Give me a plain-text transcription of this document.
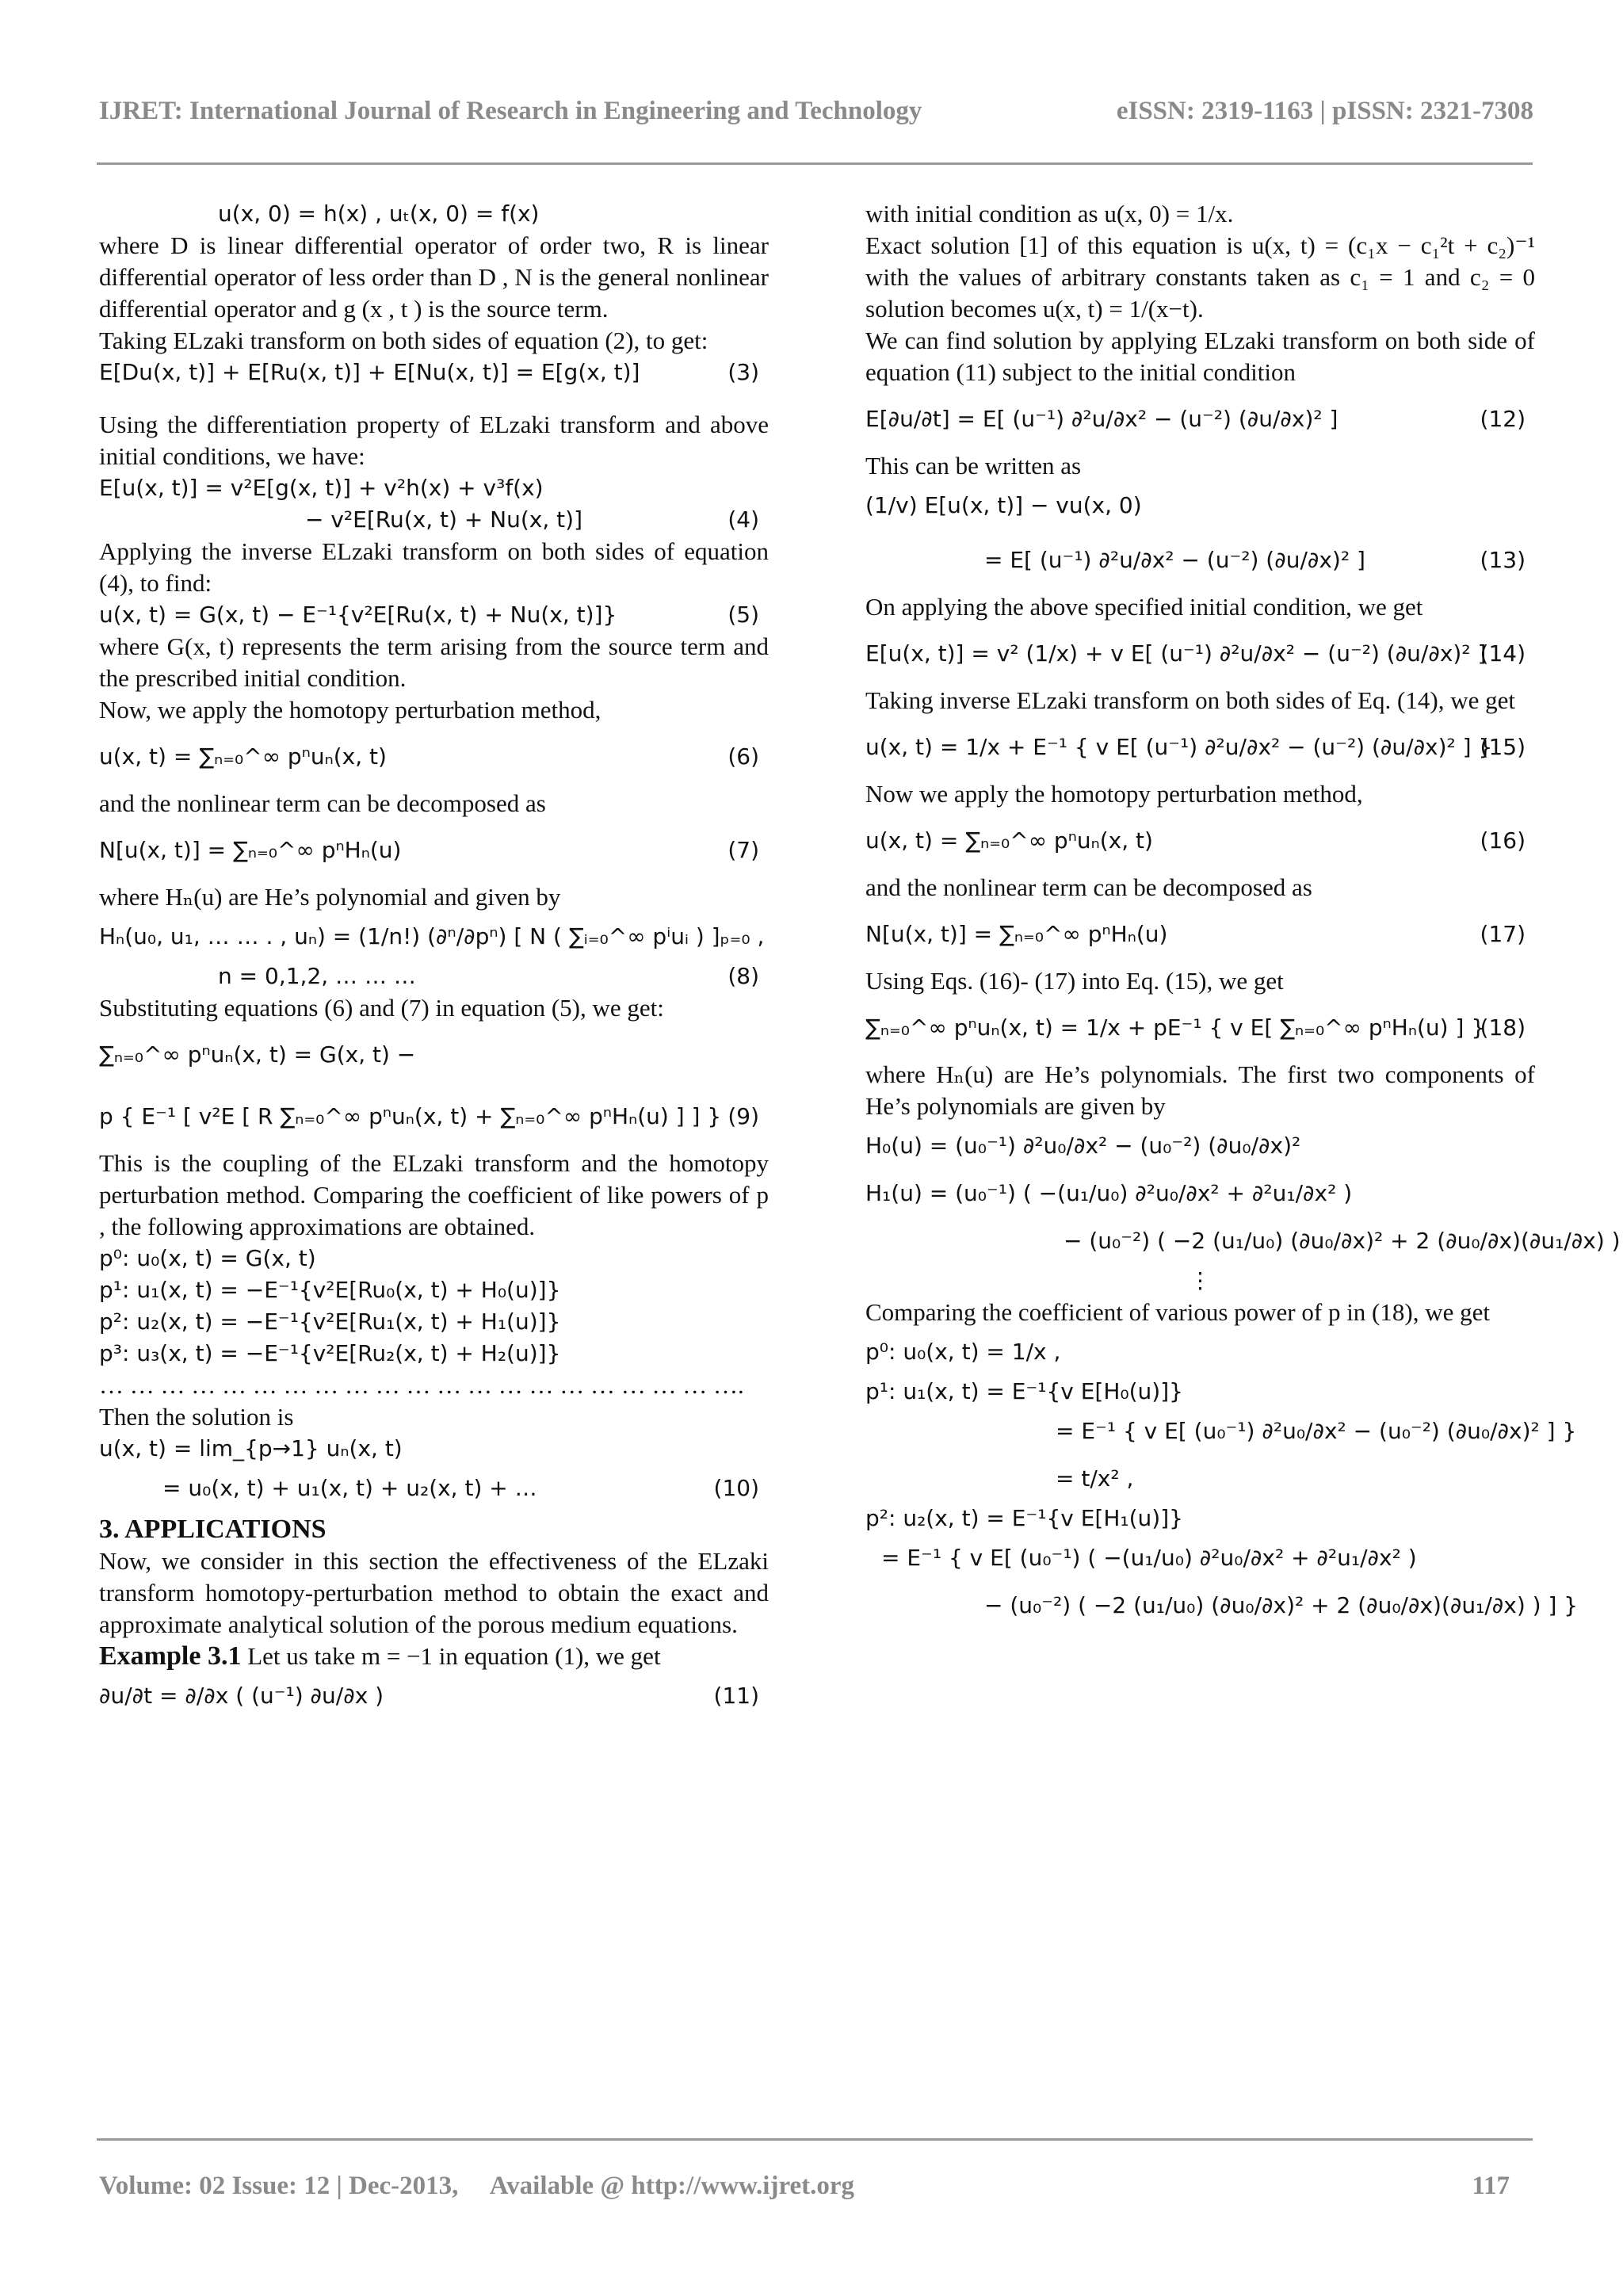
IJRET: International Journal of Research in Engineering and Technology	eISSN: 2319-1163 | pISSN: 2321-7308
u(x, 0) = h(x) , uₜ(x, 0) = f(x)

where D is linear differential operator of order two, R is linear differential operator of less order than D , N is the general nonlinear differential operator and g (x , t ) is the source term.

Taking ELzaki transform on both sides of equation (2), to get:

E[Du(x, t)] + E[Ru(x, t)] + E[Nu(x, t)] = E[g(x, t)]	(3)

Using the differentiation property of ELzaki transform and above initial conditions, we have:

E[u(x, t)] = v²E[g(x, t)] + v²h(x) + v³f(x)
− v²E[Ru(x, t) + Nu(x, t)]	(4)

Applying the inverse ELzaki transform on both sides of equation (4), to find:

u(x, t) = G(x, t) − E⁻¹{v²E[Ru(x, t) + Nu(x, t)]}	(5)

where G(x, t) represents the term arising from the source term and the prescribed initial condition.

Now, we apply the homotopy perturbation method,

u(x, t) = ∑ₙ₌₀^∞ pⁿuₙ(x, t)	(6)

and the nonlinear term can be decomposed as

N[u(x, t)] = ∑ₙ₌₀^∞ pⁿHₙ(u)	(7)

where Hₙ(u) are He’s polynomial and given by

Hₙ(u₀, u₁, … … . , uₙ) = (1/n!) (∂ⁿ/∂pⁿ) [ N ( ∑ᵢ₌₀^∞ pⁱuᵢ ) ]ₚ₌₀ ,
n = 0,1,2, … … …	(8)

Substituting equations (6) and (7) in equation (5), we get:

∑ₙ₌₀^∞ pⁿuₙ(x, t) = G(x, t) −
p { E⁻¹ [ v²E [ R ∑ₙ₌₀^∞ pⁿuₙ(x, t) + ∑ₙ₌₀^∞ pⁿHₙ(u) ] ] } (9)

This is the coupling of the ELzaki transform and the homotopy perturbation method. Comparing the coefficient of like powers of p , the following approximations are obtained.

p⁰: u₀(x, t) = G(x, t)
p¹: u₁(x, t) = −E⁻¹{v²E[Ru₀(x, t) + H₀(u)]}
p²: u₂(x, t) = −E⁻¹{v²E[Ru₁(x, t) + H₁(u)]}
p³: u₃(x, t) = −E⁻¹{v²E[Ru₂(x, t) + H₂(u)]}
… … … … … … … … … … … … … … … … … … … … ….

Then the solution is

u(x, t) = lim_{p→1} uₙ(x, t)
= u₀(x, t) + u₁(x, t) + u₂(x, t) + …	(10)
3. APPLICATIONS

Now, we consider in this section the effectiveness of the ELzaki transform homotopy-perturbation method to obtain the exact and approximate analytical solution of the porous medium equations.

Example 3.1 Let us take m = −1 in equation (1), we get

∂u/∂t = ∂/∂x ( (u⁻¹) ∂u/∂x )	(11)

with initial condition as u(x, 0) = 1/x.

Exact solution [1] of this equation is u(x, t) = (c₁x − c₁²t + c₂)⁻¹ with the values of arbitrary constants taken as c₁ = 1 and c₂ = 0 solution becomes u(x, t) = 1/(x−t).

We can find solution by applying ELzaki transform on both side of equation (11) subject to the initial condition

E[∂u/∂t] = E[ (u⁻¹) ∂²u/∂x² − (u⁻²) (∂u/∂x)² ]	(12)

This can be written as

(1/v) E[u(x, t)] − vu(x, 0)
= E[ (u⁻¹) ∂²u/∂x² − (u⁻²) (∂u/∂x)² ]	(13)

On applying the above specified initial condition, we get

E[u(x, t)] = v² (1/x) + v E[ (u⁻¹) ∂²u/∂x² − (u⁻²) (∂u/∂x)² ]
(14)

Taking inverse ELzaki transform on both sides of Eq. (14), we get

u(x, t) = 1/x + E⁻¹ { v E[ (u⁻¹) ∂²u/∂x² − (u⁻²) (∂u/∂x)² ] }
(15)

Now we apply the homotopy perturbation method,

u(x, t) = ∑ₙ₌₀^∞ pⁿuₙ(x, t)	(16)

and the nonlinear term can be decomposed as

N[u(x, t)] = ∑ₙ₌₀^∞ pⁿHₙ(u)	(17)

Using Eqs. (16)- (17) into Eq. (15), we get

∑ₙ₌₀^∞ pⁿuₙ(x, t) = 1/x + pE⁻¹ { v E[ ∑ₙ₌₀^∞ pⁿHₙ(u) ] }
(18)

where Hₙ(u) are He’s polynomials. The first two components of He’s polynomials are given by

H₀(u) = (u₀⁻¹) ∂²u₀/∂x² − (u₀⁻²) (∂u₀/∂x)²
H₁(u) = (u₀⁻¹) ( −(u₁/u₀) ∂²u₀/∂x² + ∂²u₁/∂x² )
− (u₀⁻²) ( −2 (u₁/u₀) (∂u₀/∂x)² + 2 (∂u₀/∂x)(∂u₁/∂x) )
⋮

Comparing the coefficient of various power of p in (18), we get

p⁰: u₀(x, t) = 1/x ,
p¹: u₁(x, t) = E⁻¹{v E[H₀(u)]}
= E⁻¹ { v E[ (u₀⁻¹) ∂²u₀/∂x² − (u₀⁻²) (∂u₀/∂x)² ] }
= t/x² ,
p²: u₂(x, t) = E⁻¹{v E[H₁(u)]}
= E⁻¹ { v E[ (u₀⁻¹) ( −(u₁/u₀) ∂²u₀/∂x² + ∂²u₁/∂x² )
− (u₀⁻²) ( −2 (u₁/u₀) (∂u₀/∂x)² + 2 (∂u₀/∂x)(∂u₁/∂x) ) ] }
Volume: 02 Issue: 12 | Dec-2013,     Available @ http://www.ijret.org	117
